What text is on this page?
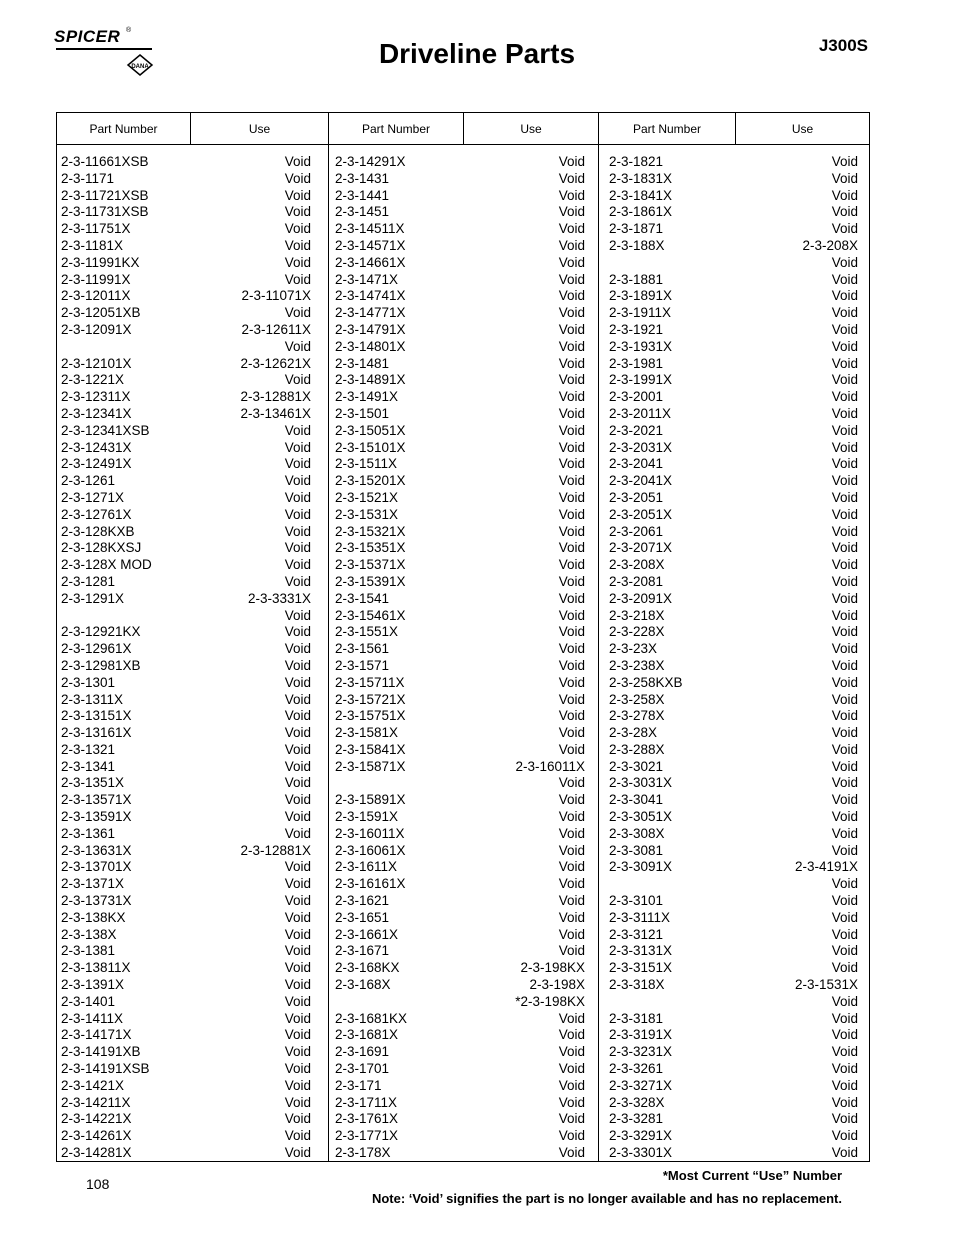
DANA
SPICER ®
Driveline Parts	J300S
Part Number	Use	Part Number	Use	Part Number	Use
2-3-11661XSB	Void
2-3-1171	Void
2-3-11721XSB	Void
2-3-11731XSB	Void
2-3-11751X	Void
2-3-1181X	Void
2-3-11991KX	Void
2-3-11991X	Void
2-3-12011X	2-3-11071X
2-3-12051XB	Void
2-3-12091X	2-3-12611X
Void
2-3-12101X	2-3-12621X
2-3-1221X	Void
2-3-12311X	2-3-12881X
2-3-12341X	2-3-13461X
2-3-12341XSB	Void
2-3-12431X	Void
2-3-12491X	Void
2-3-1261	Void
2-3-1271X	Void
2-3-12761X	Void
2-3-128KXB	Void
2-3-128KXSJ	Void
2-3-128X MOD	Void
2-3-1281	Void
2-3-1291X	2-3-3331X
Void
2-3-12921KX	Void
2-3-12961X	Void
2-3-12981XB	Void
2-3-1301	Void
2-3-1311X	Void
2-3-13151X	Void
2-3-13161X	Void
2-3-1321	Void
2-3-1341	Void
2-3-1351X	Void
2-3-13571X	Void
2-3-13591X	Void
2-3-1361	Void
2-3-13631X	2-3-12881X
2-3-13701X	Void
2-3-1371X	Void
2-3-13731X	Void
2-3-138KX	Void
2-3-138X	Void
2-3-1381	Void
2-3-13811X	Void
2-3-1391X	Void
2-3-1401	Void
2-3-1411X	Void
2-3-14171X	Void
2-3-14191XB	Void
2-3-14191XSB	Void
2-3-1421X	Void
2-3-14211X	Void
2-3-14221X	Void
2-3-14261X	Void
2-3-14281X	Void
2-3-14291X	Void
2-3-1431	Void
2-3-1441	Void
2-3-1451	Void
2-3-14511X	Void
2-3-14571X	Void
2-3-14661X	Void
2-3-1471X	Void
2-3-14741X	Void
2-3-14771X	Void
2-3-14791X	Void
2-3-14801X	Void
2-3-1481	Void
2-3-14891X	Void
2-3-1491X	Void
2-3-1501	Void
2-3-15051X	Void
2-3-15101X	Void
2-3-1511X	Void
2-3-15201X	Void
2-3-1521X	Void
2-3-1531X	Void
2-3-15321X	Void
2-3-15351X	Void
2-3-15371X	Void
2-3-15391X	Void
2-3-1541	Void
2-3-15461X	Void
2-3-1551X	Void
2-3-1561	Void
2-3-1571	Void
2-3-15711X	Void
2-3-15721X	Void
2-3-15751X	Void
2-3-1581X	Void
2-3-15841X	Void
2-3-15871X	2-3-16011X
Void
2-3-15891X	Void
2-3-1591X	Void
2-3-16011X	Void
2-3-16061X	Void
2-3-1611X	Void
2-3-16161X	Void
2-3-1621	Void
2-3-1651	Void
2-3-1661X	Void
2-3-1671	Void
2-3-168KX	2-3-198KX
2-3-168X	2-3-198X
*2-3-198KX
2-3-1681KX	Void
2-3-1681X	Void
2-3-1691	Void
2-3-1701	Void
2-3-171	Void
2-3-1711X	Void
2-3-1761X	Void
2-3-1771X	Void
2-3-178X	Void
2-3-1821	Void
2-3-1831X	Void
2-3-1841X	Void
2-3-1861X	Void
2-3-1871	Void
2-3-188X	2-3-208X
Void
2-3-1881	Void
2-3-1891X	Void
2-3-1911X	Void
2-3-1921	Void
2-3-1931X	Void
2-3-1981	Void
2-3-1991X	Void
2-3-2001	Void
2-3-2011X	Void
2-3-2021	Void
2-3-2031X	Void
2-3-2041	Void
2-3-2041X	Void
2-3-2051	Void
2-3-2051X	Void
2-3-2061	Void
2-3-2071X	Void
2-3-208X	Void
2-3-2081	Void
2-3-2091X	Void
2-3-218X	Void
2-3-228X	Void
2-3-23X	Void
2-3-238X	Void
2-3-258KXB	Void
2-3-258X	Void
2-3-278X	Void
2-3-28X	Void
2-3-288X	Void
2-3-3021	Void
2-3-3031X	Void
2-3-3041	Void
2-3-3051X	Void
2-3-308X	Void
2-3-3081	Void
2-3-3091X	2-3-4191X
Void
2-3-3101	Void
2-3-3111X	Void
2-3-3121	Void
2-3-3131X	Void
2-3-3151X	Void
2-3-318X	2-3-1531X
Void
2-3-3181	Void
2-3-3191X	Void
2-3-3231X	Void
2-3-3261	Void
2-3-3271X	Void
2-3-328X	Void
2-3-3281	Void
2-3-3291X	Void
2-3-3301X	Void
108
*Most Current “Use” Number
Note: ‘Void’ signifies the part is no longer available and has no replacement.
